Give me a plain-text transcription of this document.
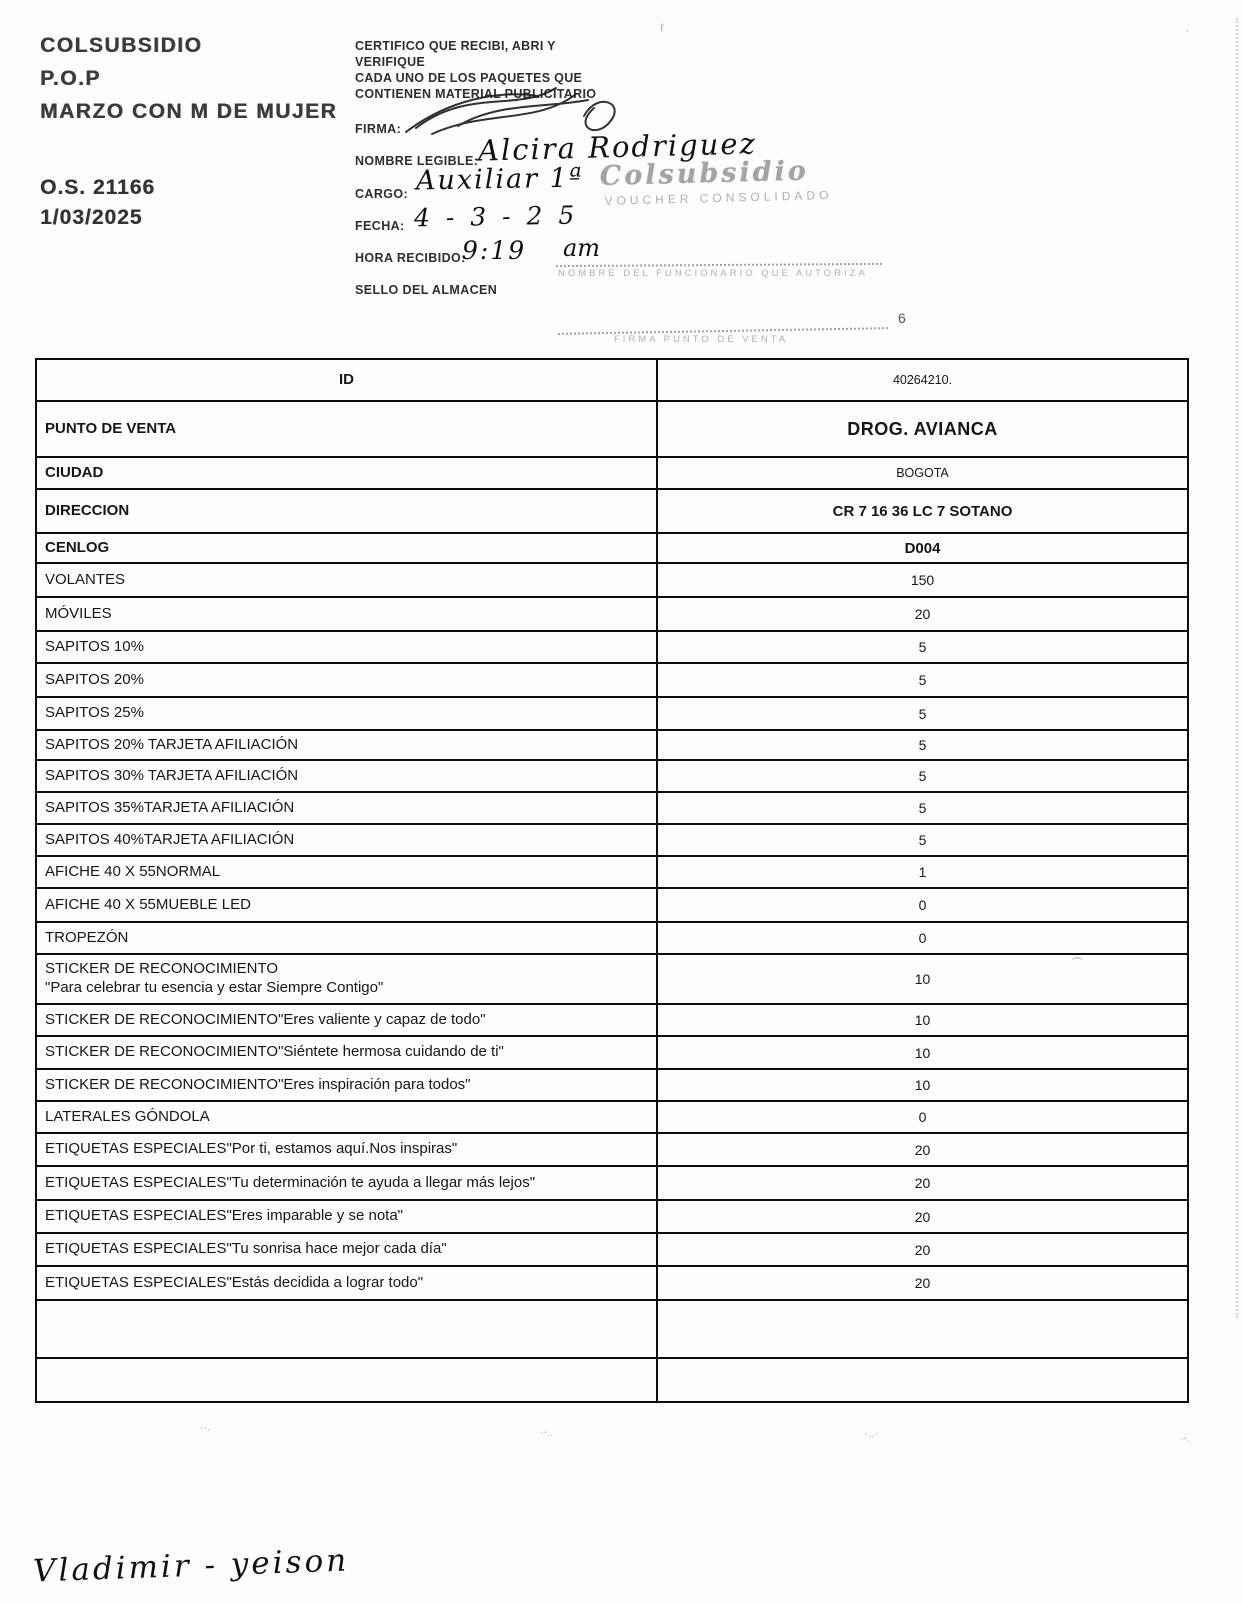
COLSUBSIDIO
P.O.P
MARZO CON M DE MUJER
O.S. 21166
1/03/2025
CERTIFICO QUE RECIBI, ABRI Y
VERIFIQUE
CADA UNO DE LOS PAQUETES QUE
CONTIENEN MATERIAL PUBLICITARIO
FIRMA:
NOMBRE LEGIBLE:
CARGO:
FECHA:
HORA RECIBIDO:
SELLO DEL ALMACEN
Alcira Rodriguez
Auxiliar 1ª
4 - 3 - 2 5
9:19 am
Colsubsidio
VOUCHER CONSOLIDADO
NOMBRE DEL FUNCIONARIO QUE AUTORIZA
FIRMA PUNTO DE VENTA
6
ID	40264210.
PUNTO DE VENTA	DROG. AVIANCA
CIUDAD	BOGOTA
DIRECCION	CR 7 16 36 LC 7 SOTANO
CENLOG	D004
VOLANTES	150
MÓVILES	20
SAPITOS 10%	5
SAPITOS 20%	5
SAPITOS 25%	5
SAPITOS 20% TARJETA AFILIACIÓN	5
SAPITOS 30% TARJETA AFILIACIÓN	5
SAPITOS 35%TARJETA AFILIACIÓN	5
SAPITOS 40%TARJETA AFILIACIÓN	5
AFICHE 40 X 55NORMAL	1
AFICHE 40 X 55MUEBLE LED	0
TROPEZÓN	0
STICKER DE RECONOCIMIENTO
"Para celebrar tu esencia y estar Siempre Contigo"	10
STICKER DE RECONOCIMIENTO"Eres valiente y capaz de todo"	10
STICKER DE RECONOCIMIENTO"Siéntete hermosa cuidando de ti"	10
STICKER DE RECONOCIMIENTO"Eres inspiración para todos"	10
LATERALES GÓNDOLA	0
ETIQUETAS ESPECIALES"Por ti, estamos aquí.Nos inspiras"	20
ETIQUETAS ESPECIALES"Tu determinación te ayuda a llegar más lejos"	20
ETIQUETAS ESPECIALES"Eres imparable y se nota"	20
ETIQUETAS ESPECIALES"Tu sonrisa hace mejor cada día"	20
ETIQUETAS ESPECIALES"Estás decidida a lograr todo"	20
Vladimir - yeison
ℓ	’
⏜
··.	·⋅..	·..·	·⋅.
